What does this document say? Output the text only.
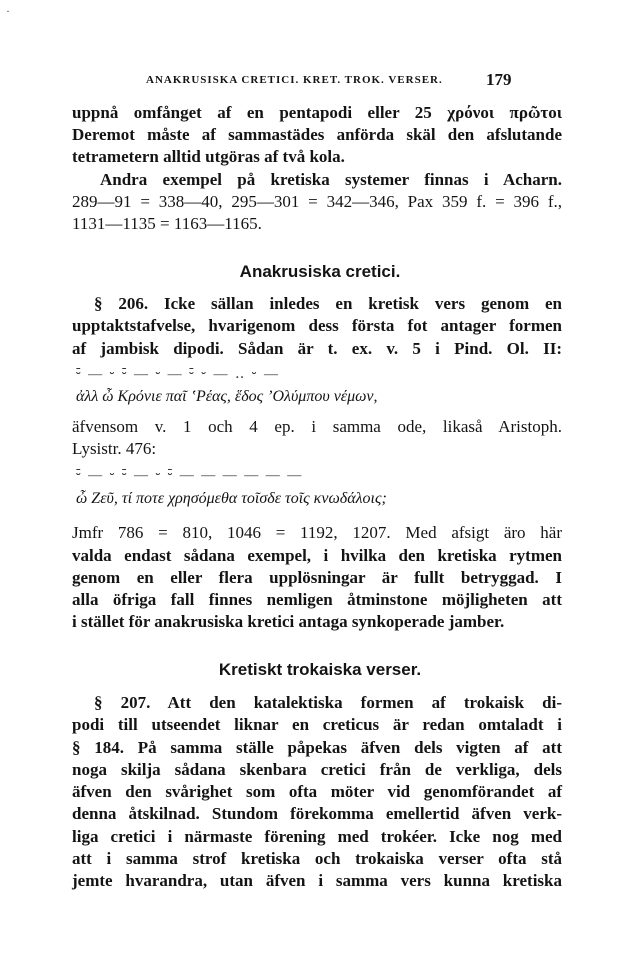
·
ANAKRUSISKA CRETICI. KRET. TROK. VERSER.	179
uppnå omfånget af en pentapodi eller 25 χρόνοι πρῶτοι
Deremot måste af sammastädes anförda skäl den afslutande
tetrametern alltid utgöras af två kola.
Andra exempel på kretiska systemer finnas i Acharn.
289—91 = 338—40, 295—301 = 342—346, Pax 359 f. = 396 f.,
1131—1135 = 1163—1165.
Anakrusiska cretici.
§ 206. Icke sällan inledes en kretisk vers genom en
upptaktstafvelse, hvarigenom dess första fot antager formen
af jambisk dipodi. Sådan är t. ex. v. 5 i Pind. Ol. II:
⏑̄ — ⏑ ⏑̄ — ⏑ — ⏑̄ ⏑ — ‥ ⏑ —
ἀλλ ὦ Κρόνιε παῖ ʽΡέας, ἕδος ʼΟλύμπου νέμων,
äfvensom v. 1 och 4 ep. i samma ode, likaså Aristoph.
Lysistr. 476:
⏑̄ — ⏑ ⏑̄ — ⏑ ⏑̄ — — — — — —
ὦ Ζεῦ, τί ποτε χρησόμεθα τοῖσδε τοῖς κνωδάλοις;
Jmfr 786 = 810, 1046 = 1192, 1207. Med afsigt äro här
valda endast sådana exempel, i hvilka den kretiska rytmen
genom en eller flera upplösningar är fullt betryggad. I
alla öfriga fall finnes nemligen åtminstone möjligheten att
i stället för anakrusiska kretici antaga synkoperade jamber.
Kretiskt trokaiska verser.
§ 207. Att den katalektiska formen af trokaisk di-
podi till utseendet liknar en creticus är redan omtaladt i
§ 184. På samma ställe påpekas äfven dels vigten af att
noga skilja sådana skenbara cretici från de verkliga, dels
äfven den svårighet som ofta möter vid genomförandet af
denna åtskilnad. Stundom förekomma emellertid äfven verk-
liga cretici i närmaste förening med trokéer. Icke nog med
att i samma strof kretiska och trokaiska verser ofta stå
jemte hvarandra, utan äfven i samma vers kunna kretiska
